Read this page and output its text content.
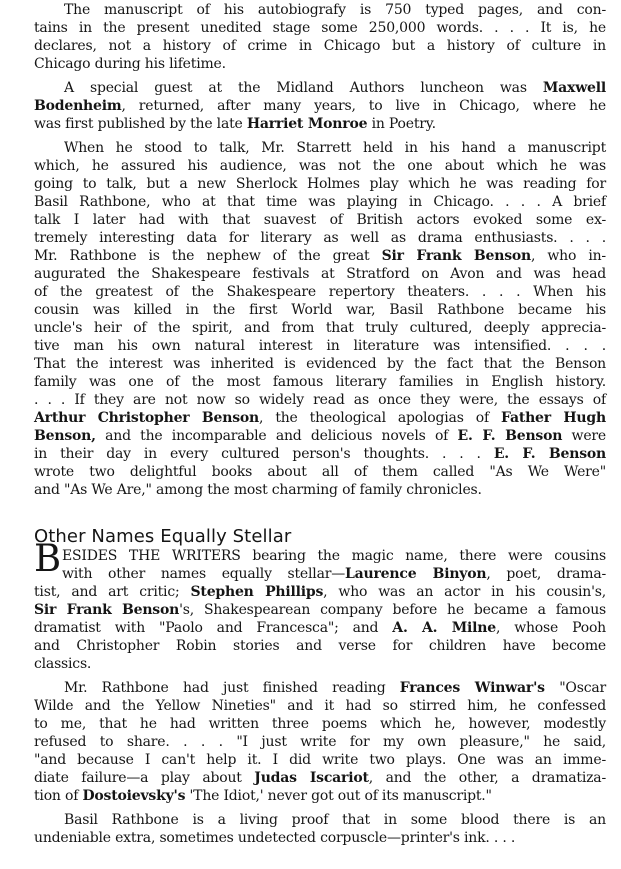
The manuscript of his autobiografy is 750 typed pages, and con-
tains in the present unedited stage some 250,000 words. . . . It is, he
declares, not a history of crime in Chicago but a history of culture in
Chicago during his lifetime.
A special guest at the Midland Authors luncheon was Maxwell
Bodenheim, returned, after many years, to live in Chicago, where he
was first published by the late Harriet Monroe in Poetry.
When he stood to talk, Mr. Starrett held in his hand a manuscript
which, he assured his audience, was not the one about which he was
going to talk, but a new Sherlock Holmes play which he was reading for
Basil Rathbone, who at that time was playing in Chicago. . . . A brief
talk I later had with that suavest of British actors evoked some ex-
tremely interesting data for literary as well as drama enthusiasts. . . .
Mr. Rathbone is the nephew of the great Sir Frank Benson, who in-
augurated the Shakespeare festivals at Stratford on Avon and was head
of the greatest of the Shakespeare repertory theaters. . . . When his
cousin was killed in the first World war, Basil Rathbone became his
uncle's heir of the spirit, and from that truly cultured, deeply apprecia-
tive man his own natural interest in literature was intensified. . . .
That the interest was inherited is evidenced by the fact that the Benson
family was one of the most famous literary families in English history.
. . . If they are not now so widely read as once they were, the essays of
Arthur Christopher Benson, the theological apologias of Father Hugh
Benson, and the incomparable and delicious novels of E. F. Benson were
in their day in every cultured person's thoughts. . . . E. F. Benson
wrote two delightful books about all of them called "As We Were"
and "As We Are," among the most charming of family chronicles.
Other Names Equally Stellar
B ESIDES THE WRITERS bearing the magic name, there were cousins
with other names equally stellar—Laurence Binyon, poet, drama-
tist, and art critic; Stephen Phillips, who was an actor in his cousin's,
Sir Frank Benson's, Shakespearean company before he became a famous
dramatist with "Paolo and Francesca"; and A. A. Milne, whose Pooh
and Christopher Robin stories and verse for children have become
classics.
Mr. Rathbone had just finished reading Frances Winwar's "Oscar
Wilde and the Yellow Nineties" and it had so stirred him, he confessed
to me, that he had written three poems which he, however, modestly
refused to share. . . . "I just write for my own pleasure," he said,
"and because I can't help it. I did write two plays. One was an imme-
diate failure—a play about Judas Iscariot, and the other, a dramatiza-
tion of Dostoievsky's 'The Idiot,' never got out of its manuscript."
Basil Rathbone is a living proof that in some blood there is an
undeniable extra, sometimes undetected corpuscle—printer's ink. . . .
